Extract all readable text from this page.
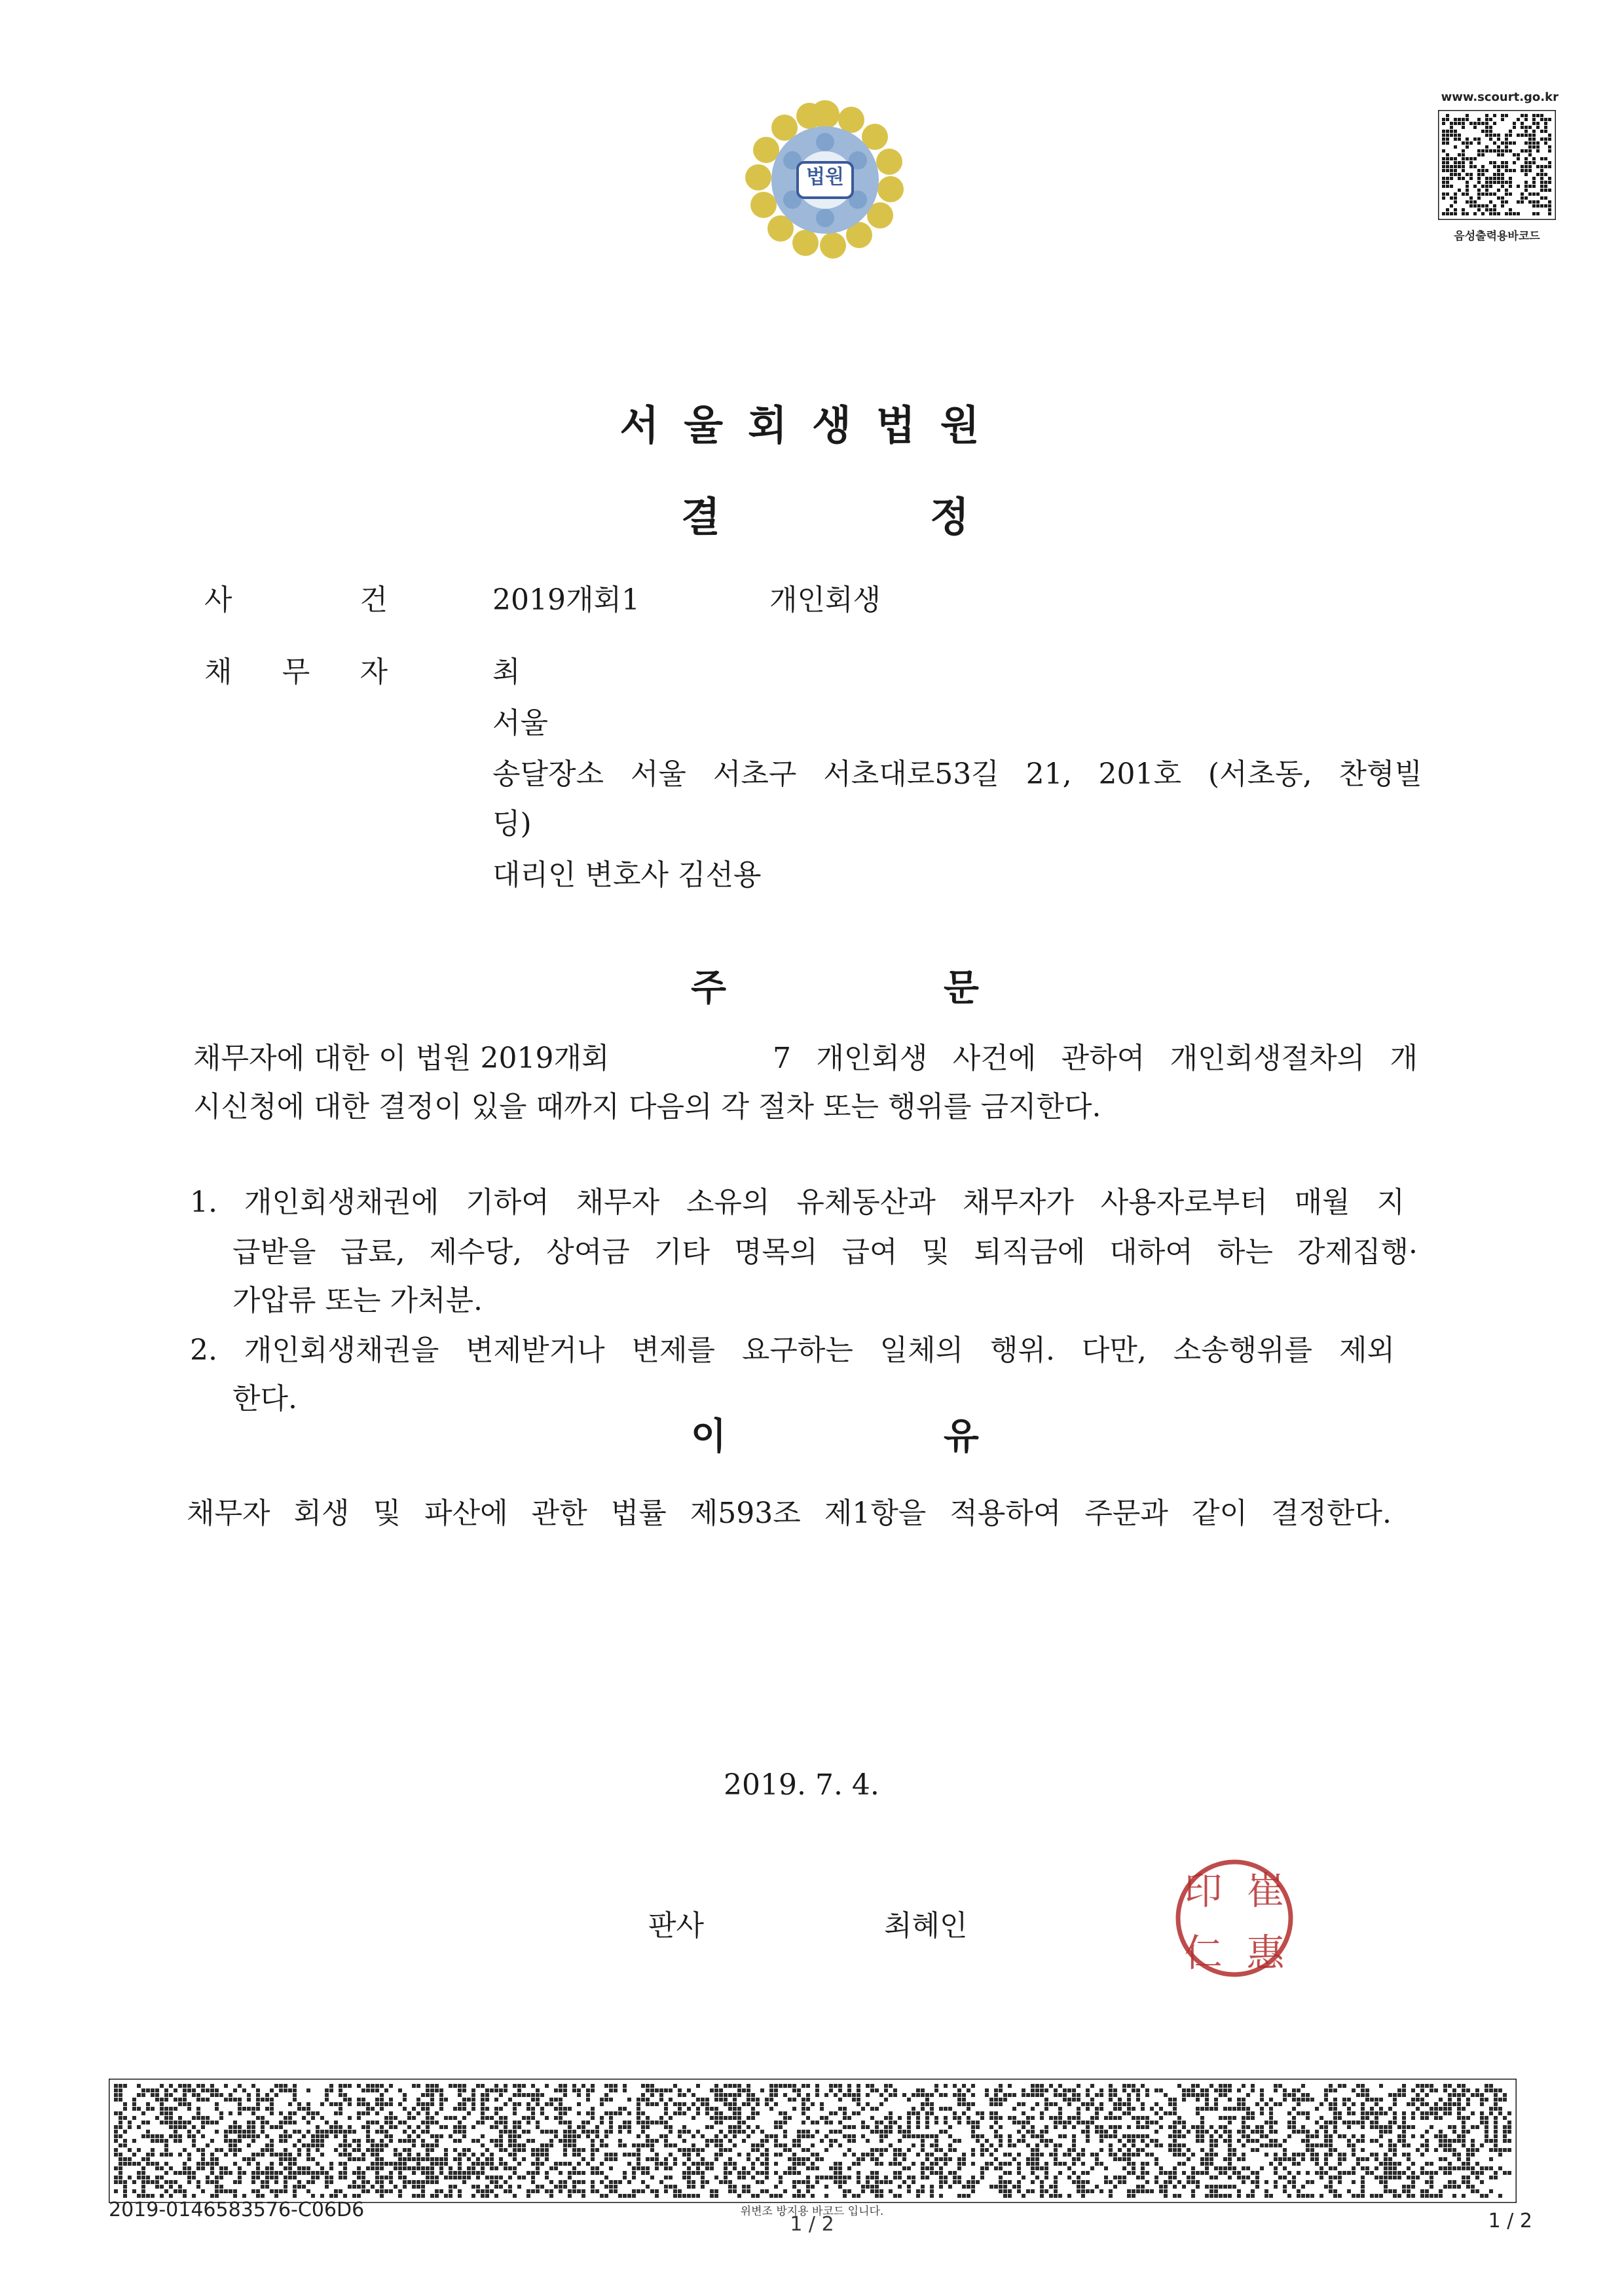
법원
www.scourt.go.kr
음성출력용바코드
서울회생법원
결	정
사	건	2019개회1	개인회생
채 무 자	최
서울
송달장소 서울 서초구 서초대로53길 21, 201호 (서초동, 찬형빌
딩)
대리인 변호사 김선용
주	문
채무자에 대한 이 법원 2019개회	7 개인회생 사건에 관하여 개인회생절차의 개
시신청에 대한 결정이 있을 때까지 다음의 각 절차 또는 행위를 금지한다.
1. 개인회생채권에 기하여 채무자 소유의 유체동산과 채무자가 사용자로부터 매월 지
급받을 급료, 제수당, 상여금 기타 명목의 급여 및 퇴직금에 대하여 하는 강제집행·
가압류 또는 가처분.
2. 개인회생채권을 변제받거나 변제를 요구하는 일체의 행위. 다만, 소송행위를 제외
한다.
이	유
채무자 회생 및 파산에 관한 법률 제593조 제1항을 적용하여 주문과 같이 결정한다.
2019. 7. 4.
판사	최혜인
印 崔
仁 惠
2019-0146583576-C06D6	위변조 방지용 바코드 입니다.
1 / 2	1 / 2
